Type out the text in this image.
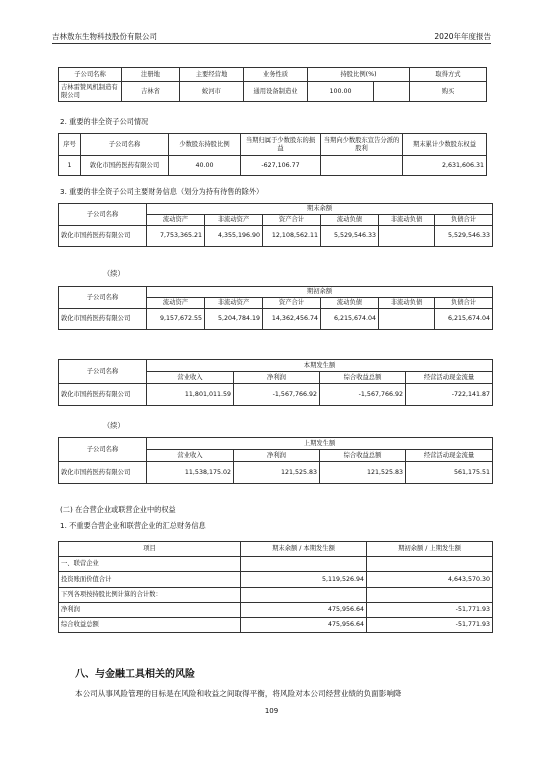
吉林敖东生物科技股份有限公司	2020年年度报告
子公司名称	注册地	主要经营地	业务性质	持股比例(%)		取得方式
吉林雷赞风机制造有限公司	吉林省	蛟河市	通用设备制造业	100.00		购买
2. 重要的非全资子公司情况
序号	子公司名称	少数股东持股比例	当期归属于少数股东的损益	当期向少数股东宣告分派的股利	期末累计少数股东权益
1	敦化市国药医药有限公司	40.00	-627,106.77		2,631,606.31
3. 重要的非全资子公司主要财务信息（划分为持有待售的除外）
子公司名称	期末余额					
	流动资产	非流动资产	资产合计	流动负债	非流动负债	负债合计
敦化市国药医药有限公司	7,753,365.21	4,355,196.90	12,108,562.11	5,529,546.33		5,529,546.33
（续）
子公司名称	期初余额					
	流动资产	非流动资产	资产合计	流动负债	非流动负债	负债合计
敦化市国药医药有限公司	9,157,672.55	5,204,784.19	14,362,456.74	6,215,674.04		6,215,674.04
子公司名称	本期发生额			
	营业收入	净利润	综合收益总额	经营活动现金流量
敦化市国药医药有限公司	11,801,011.59	-1,567,766.92	-1,567,766.92	-722,141.87
（续）
子公司名称	上期发生额			
	营业收入	净利润	综合收益总额	经营活动现金流量
敦化市国药医药有限公司	11,538,175.02	121,525.83	121,525.83	561,175.51
(二) 在合营企业或联营企业中的权益
1. 不重要合营企业和联营企业的汇总财务信息
项目	期末余额 / 本期发生额	期初余额 / 上期发生额
一、联营企业		
投资账面价值合计	5,119,526.94	4,643,570.30
下列各项按持股比例计算的合计数：		
净利润	475,956.64	-51,771.93
综合收益总额	475,956.64	-51,771.93
八、与金融工具相关的风险
本公司从事风险管理的目标是在风险和收益之间取得平衡，将风险对本公司经营业绩的负面影响降
109
